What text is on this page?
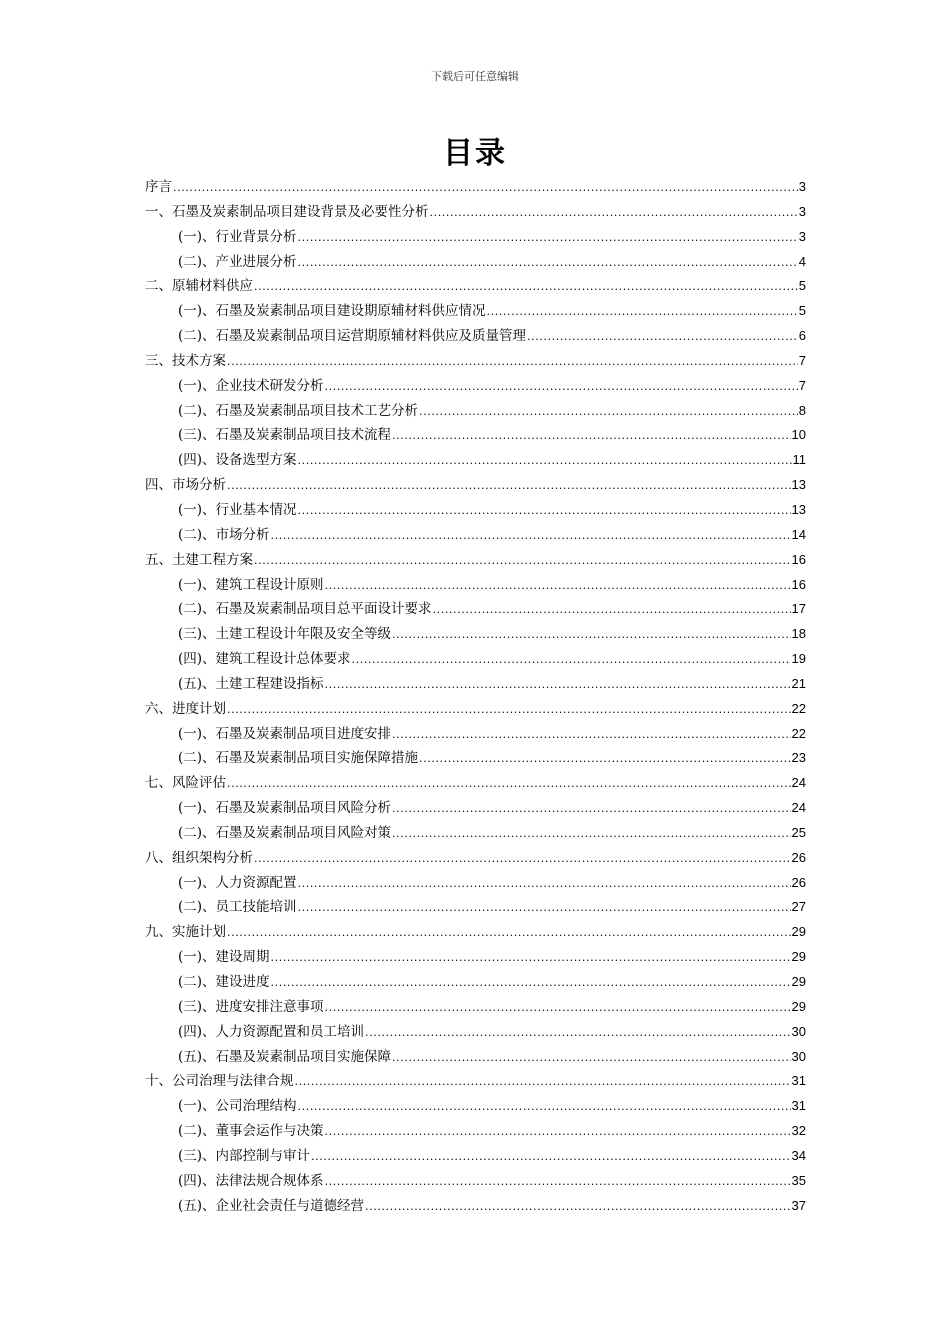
下载后可任意编辑
目录
序言 .....	3
一、石墨及炭素制品项目建设背景及必要性分析 .....	3
(一)、行业背景分析 .....	3
(二)、产业进展分析 .....	4
二、原辅材料供应 .....	5
(一)、石墨及炭素制品项目建设期原辅材料供应情况 .....	5
(二)、石墨及炭素制品项目运营期原辅材料供应及质量管理 .....	6
三、技术方案 .....	7
(一)、企业技术研发分析 .....	7
(二)、石墨及炭素制品项目技术工艺分析 .....	8
(三)、石墨及炭素制品项目技术流程 .....	10
(四)、设备选型方案 .....	11
四、市场分析 .....	13
(一)、行业基本情况 .....	13
(二)、市场分析 .....	14
五、土建工程方案 .....	16
(一)、建筑工程设计原则 .....	16
(二)、石墨及炭素制品项目总平面设计要求 .....	17
(三)、土建工程设计年限及安全等级 .....	18
(四)、建筑工程设计总体要求 .....	19
(五)、土建工程建设指标 .....	21
六、进度计划 .....	22
(一)、石墨及炭素制品项目进度安排 .....	22
(二)、石墨及炭素制品项目实施保障措施 .....	23
七、风险评估 .....	24
(一)、石墨及炭素制品项目风险分析 .....	24
(二)、石墨及炭素制品项目风险对策 .....	25
八、组织架构分析 .....	26
(一)、人力资源配置 .....	26
(二)、员工技能培训 .....	27
九、实施计划 .....	29
(一)、建设周期 .....	29
(二)、建设进度 .....	29
(三)、进度安排注意事项 .....	29
(四)、人力资源配置和员工培训 .....	30
(五)、石墨及炭素制品项目实施保障 .....	30
十、公司治理与法律合规 .....	31
(一)、公司治理结构 .....	31
(二)、董事会运作与决策 .....	32
(三)、内部控制与审计 .....	34
(四)、法律法规合规体系 .....	35
(五)、企业社会责任与道德经营 .....	37
